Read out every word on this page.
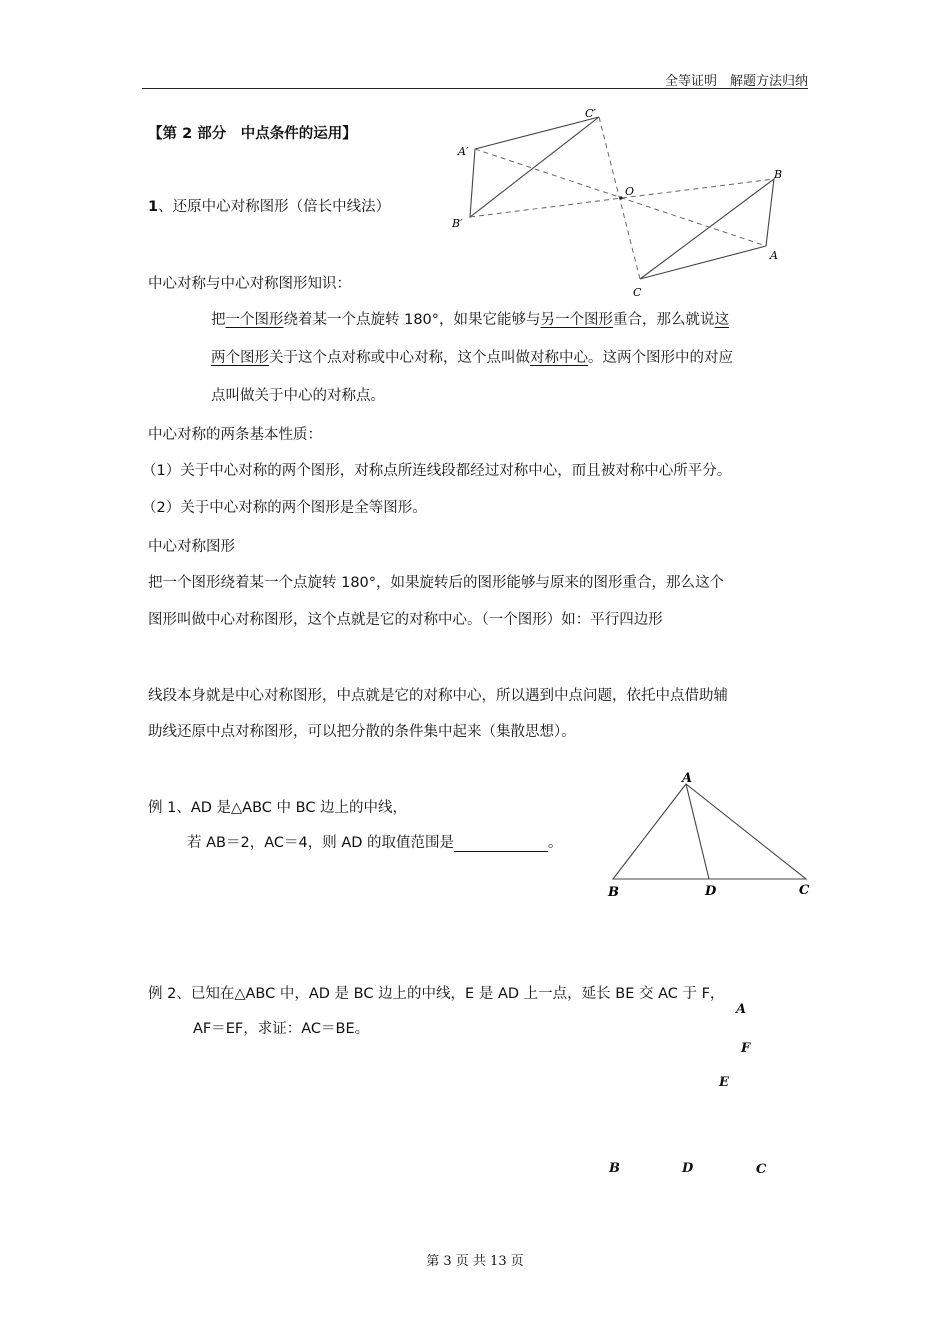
全等证明　解题方法归纳
【第 2 部分　中点条件的运用】
1、还原中心对称图形（倍长中线法）
C′
A′
B′
O
B
A
C
中心对称与中心对称图形知识：
把一个图形绕着某一个点旋转 180°，如果它能够与另一个图形重合，那么就说这
两个图形关于这个点对称或中心对称，这个点叫做对称中心。这两个图形中的对应
点叫做关于中心的对称点。
中心对称的两条基本性质：
（1）关于中心对称的两个图形，对称点所连线段都经过对称中心，而且被对称中心所平分。
（2）关于中心对称的两个图形是全等图形。
中心对称图形
把一个图形绕着某一个点旋转 180°，如果旋转后的图形能够与原来的图形重合，那么这个
图形叫做中心对称图形，这个点就是它的对称中心。（一个图形）如：平行四边形
线段本身就是中心对称图形，中点就是它的对称中心，所以遇到中点问题，依托中点借助辅
助线还原中点对称图形，可以把分散的条件集中起来（集散思想）。
例 1、AD 是△ABC 中 BC 边上的中线，
若 AB＝2，AC＝4，则 AD 的取值范围是	。
A
B	D	C
例 2、已知在△ABC 中，AD 是 BC 边上的中线，E 是 AD 上一点，延长 BE 交 AC 于 F，
AF＝EF，求证：AC＝BE。
A
F
E
B	D	C
第 3 页 共 13 页
